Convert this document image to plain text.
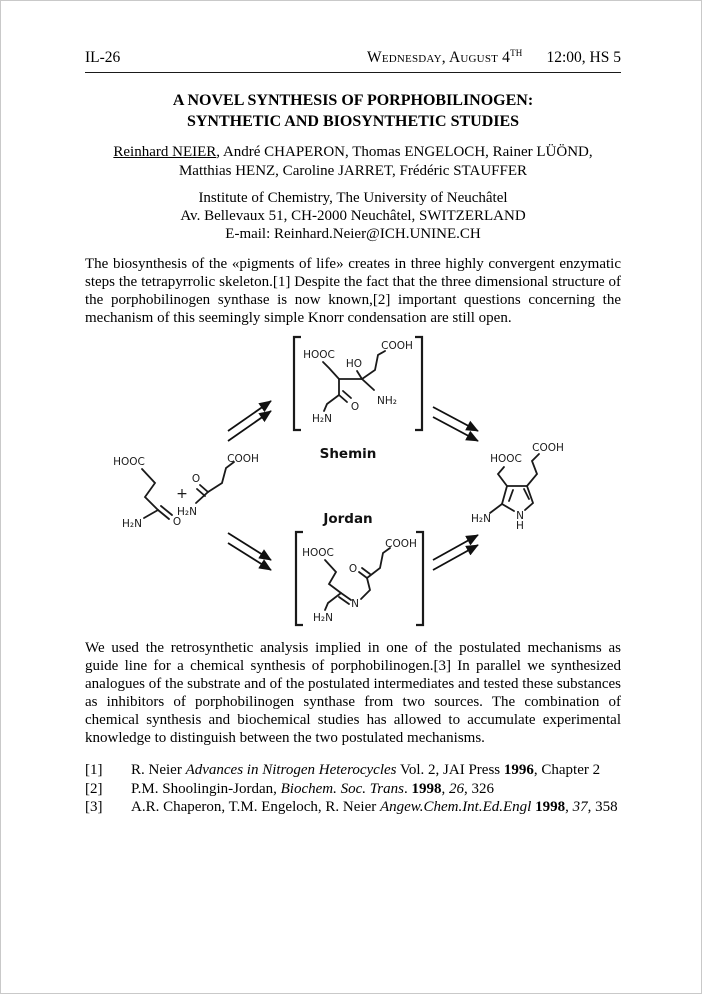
IL-26	Wednesday, August 4TH 12:00, HS 5
A NOVEL SYNTHESIS OF PORPHOBILINOGEN:
SYNTHETIC AND BIOSYNTHETIC STUDIES
Reinhard NEIER, André CHAPERON, Thomas ENGELOCH, Rainer LÜÖND,
Matthias HENZ, Caroline JARRET, Frédéric STAUFFER
Institute of Chemistry, The University of Neuchâtel
Av. Bellevaux 51, CH-2000 Neuchâtel, SWITZERLAND
E-mail: Reinhard.Neier@ICH.UNINE.CH
The biosynthesis of the «pigments of life» creates in three highly convergent enzymatic steps the tetrapyrrolic skeleton.[1] Despite the fact that the three dimensional structure of the porphobilinogen synthase is now known,[2] important questions concerning the mechanism of this seemingly simple Knorr condensation are still open.
HOOC
O
H₂N
+
O
COOH
H₂N
HOOC
HO
COOH
O
H₂N
NH₂
Shemin
Jordan
HOOC
N
H₂N
O
COOH
N
H
H₂N
HOOC
COOH
We used the retrosynthetic analysis implied in one of the postulated mechanisms as guide line for a chemical synthesis of porphobilinogen.[3] In parallel we synthesized analogues of the substrate and of the postulated intermediates and tested these substances as inhibitors of porphobilinogen synthase from two sources. The combination of chemical synthesis and biochemical studies has allowed to accumulate experimental knowledge to distinguish between the two postulated mechanisms.
[1]	R. Neier Advances in Nitrogen Heterocycles Vol. 2, JAI Press 1996, Chapter 2
[2]	P.M. Shoolingin-Jordan, Biochem. Soc. Trans. 1998, 26, 326
[3]	A.R. Chaperon, T.M. Engeloch, R. Neier Angew.Chem.Int.Ed.Engl 1998, 37, 358
